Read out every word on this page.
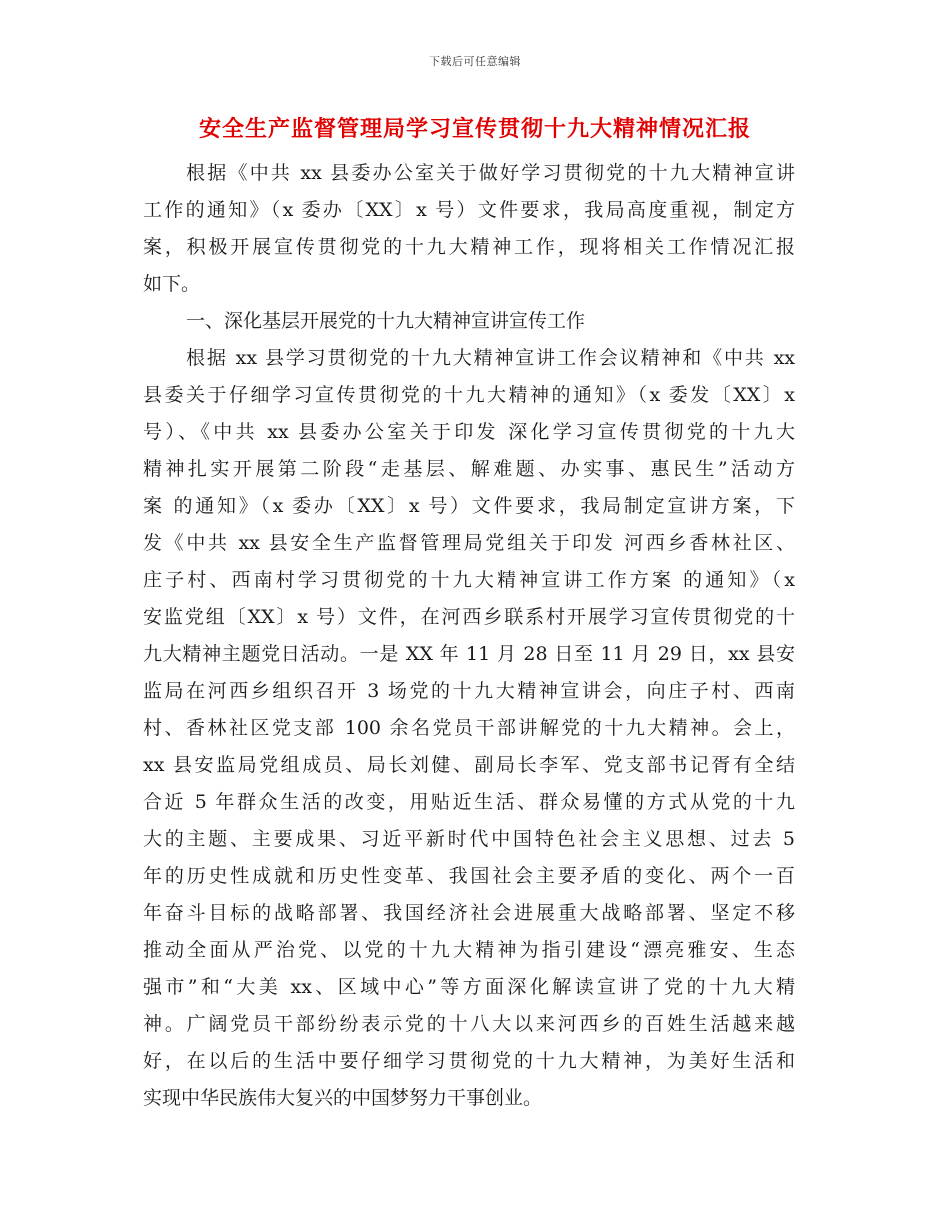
下载后可任意编辑
安全生产监督管理局学习宣传贯彻十九大精神情况汇报
根据《中共 xx 县委办公室关于做好学习贯彻党的十九大精神宣讲
工作的通知》（x 委办〔XX〕x 号）文件要求，我局高度重视，制定方
案，积极开展宣传贯彻党的十九大精神工作，现将相关工作情况汇报
如下。
一、深化基层开展党的十九大精神宣讲宣传工作
根据 xx 县学习贯彻党的十九大精神宣讲工作会议精神和《中共 xx
县委关于仔细学习宣传贯彻党的十九大精神的通知》（x 委发〔XX〕x
号）、《中共 xx 县委办公室关于印发 深化学习宣传贯彻党的十九大
精神扎实开展第二阶段“走基层、解难题、办实事、惠民生”活动方
案 的通知》（x 委办〔XX〕x 号）文件要求，我局制定宣讲方案，下
发《中共 xx 县安全生产监督管理局党组关于印发 河西乡香林社区、
庄子村、西南村学习贯彻党的十九大精神宣讲工作方案 的通知》（x
安监党组〔XX〕x 号）文件，在河西乡联系村开展学习宣传贯彻党的十
九大精神主题党日活动。一是 XX 年 11 月 28 日至 11 月 29 日，xx 县安
监局在河西乡组织召开 3 场党的十九大精神宣讲会，向庄子村、西南
村、香林社区党支部 100 余名党员干部讲解党的十九大精神。会上，
xx 县安监局党组成员、局长刘健、副局长李军、党支部书记胥有全结
合近 5 年群众生活的改变，用贴近生活、群众易懂的方式从党的十九
大的主题、主要成果、习近平新时代中国特色社会主义思想、过去 5
年的历史性成就和历史性变革、我国社会主要矛盾的变化、两个一百
年奋斗目标的战略部署、我国经济社会进展重大战略部署、坚定不移
推动全面从严治党、以党的十九大精神为指引建设“漂亮雅安、生态
强市”和“大美 xx、区域中心”等方面深化解读宣讲了党的十九大精
神。广阔党员干部纷纷表示党的十八大以来河西乡的百姓生活越来越
好，在以后的生活中要仔细学习贯彻党的十九大精神，为美好生活和
实现中华民族伟大复兴的中国梦努力干事创业。
